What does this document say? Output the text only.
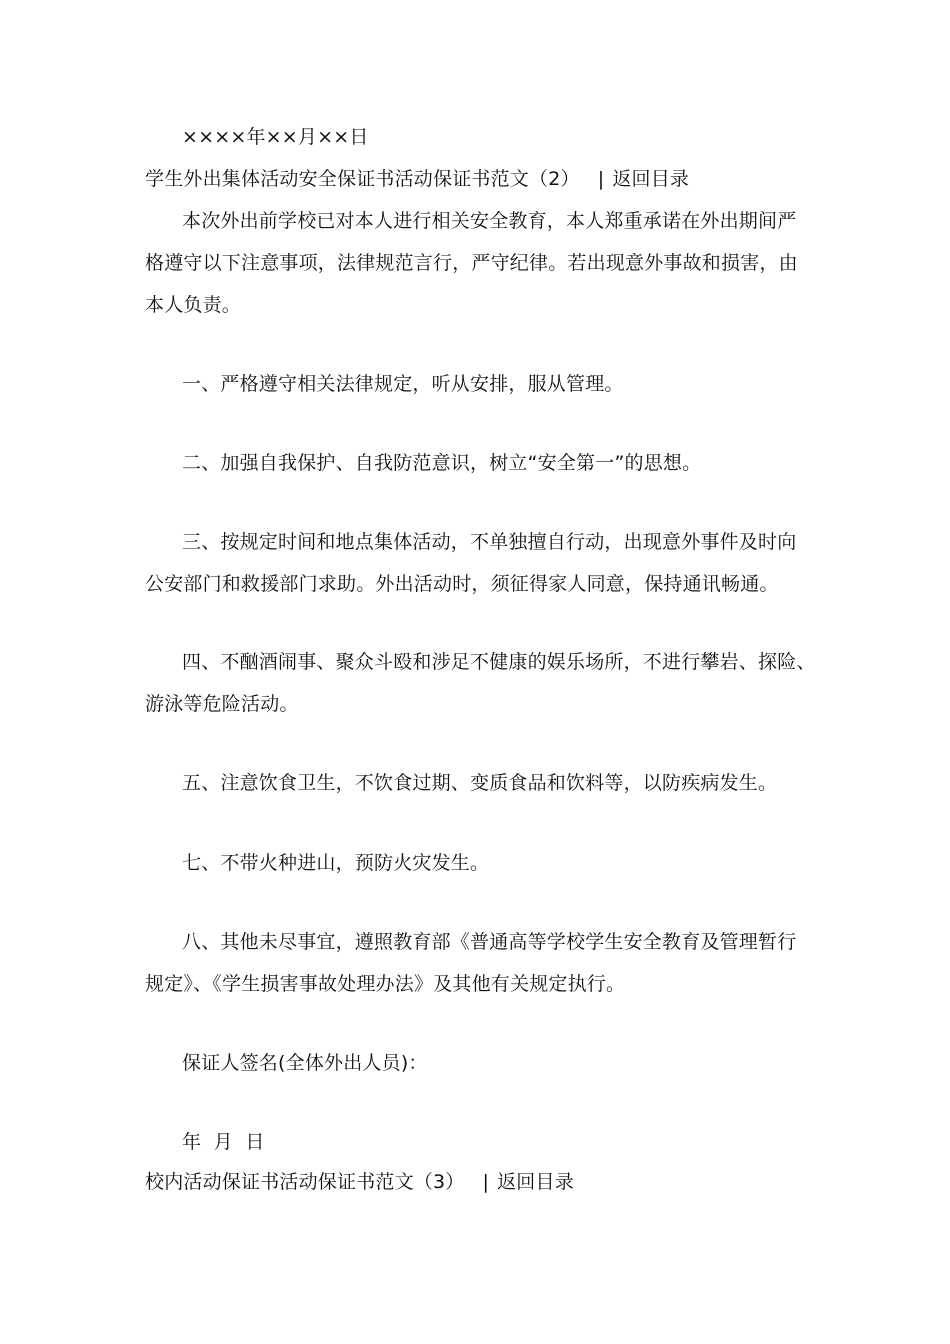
××××年××月××日
学生外出集体活动安全保证书活动保证书范文（2） | 返回目录
本次外出前学校已对本人进行相关安全教育，本人郑重承诺在外出期间严
格遵守以下注意事项，法律规范言行，严守纪律。若出现意外事故和损害，由
本人负责。
一、严格遵守相关法律规定，听从安排，服从管理。
二、加强自我保护、自我防范意识，树立“安全第一”的思想。
三、按规定时间和地点集体活动，不单独擅自行动，出现意外事件及时向
公安部门和救援部门求助。外出活动时，须征得家人同意，保持通讯畅通。
四、不酗酒闹事、聚众斗殴和涉足不健康的娱乐场所，不进行攀岩、探险、
游泳等危险活动。
五、注意饮食卫生，不饮食过期、变质食品和饮料等，以防疾病发生。
七、不带火种进山，预防火灾发生。
八、其他未尽事宜，遵照教育部《普通高等学校学生安全教育及管理暂行
规定》、《学生损害事故处理办法》及其他有关规定执行。
保证人签名(全体外出人员)：
年  月  日
校内活动保证书活动保证书范文（3） | 返回目录
